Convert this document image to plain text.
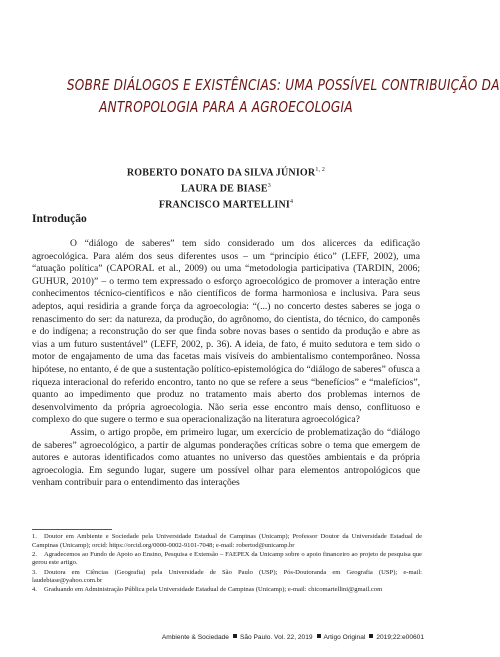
SOBRE DIÁLOGOS E EXISTÊNCIAS: UMA POSSÍVEL CONTRIBUIÇÃO DA
ANTROPOLOGIA PARA A AGROECOLOGIA
ROBERTO DONATO DA SILVA JÚNIOR$^{1, 2}$
LAURA DE BIASE$^3$
FRANCISCO MARTELLINI$^4$
Introdução

O “diálogo de saberes” tem sido considerado um dos alicerces da edificação agroecológica. Para além dos seus diferentes usos – um “princípio ético” (LEFF, 2002), uma “atuação política” (CAPORAL et al., 2009) ou uma “metodologia participativa (TARDIN, 2006; GUHUR, 2010)” – o termo tem expressado o esforço agroecológico de promover a interação entre conhecimentos técnico-científicos e não científicos de forma harmoniosa e inclusiva. Para seus adeptos, aqui residiria a grande força da agroecologia: “(...) no concerto destes saberes se joga o renascimento do ser: da natureza, da produção, do agrônomo, do cientista, do técnico, do camponês e do indígena; a reconstrução do ser que finda sobre novas bases o sentido da produção e abre as vias a um futuro sustentável” (LEFF, 2002, p. 36). A ideia, de fato, é muito sedutora e tem sido o motor de engajamento de uma das facetas mais visíveis do ambientalismo contemporâneo. Nossa hipótese, no entanto, é de que a sustentação político-epistemológica do “diálogo de saberes” ofusca a riqueza interacional do referido encontro, tanto no que se refere a seus “benefícios” e “malefícios”, quanto ao impedimento que produz no tratamento mais aberto dos problemas internos de desenvolvimento da própria agroecologia. Não seria esse encontro mais denso, conflituoso e complexo do que sugere o termo e sua operacionalização na literatura agroecológica?

Assim, o artigo propõe, em primeiro lugar, um exercício de problematização do “diálogo de saberes” agroecológico, a partir de algumas ponderações críticas sobre o tema que emergem de autores e autoras identificados como atuantes no universo das questões ambientais e da própria agroecologia. Em segundo lugar, sugere um possível olhar para elementos antropológicos que venham contribuir para o entendimento das interações

1. Doutor em Ambiente e Sociedade pela Universidade Estadual de Campinas (Unicamp); Professor Doutor da Universidade Estadual de Campinas (Unicamp); orcid: https://orcid.org/0000-0002-9101-7048; e-mail: robertod@unicamp.br

2. Agradecemos ao Fundo de Apoio ao Ensino, Pesquisa e Extensão – FAEPEX da Unicamp sobre o apoio financeiro ao projeto de pesquisa que gerou este artigo.

3. Doutora em Ciências (Geografia) pela Universidade de São Paulo (USP); Pós-Doutoranda em Geografia (USP); e-mail: laudebiase@yahoo.com.br

4. Graduando em Administração Pública pela Universidade Estadual de Campinas (Unicamp); e-mail: chicomartellini@gmail.com

Ambiente & Sociedade São Paulo. Vol. 22, 2019 Artigo Original 2019;22:e00601
